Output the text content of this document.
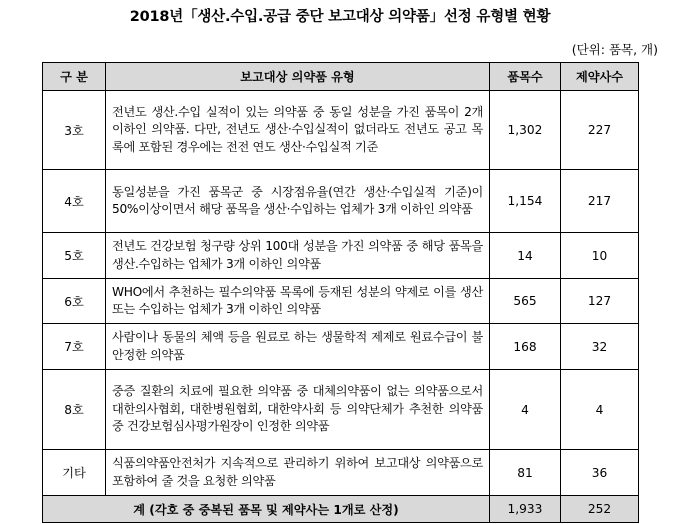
2018년「생산.수입.공급 중단 보고대상 의약품」선정 유형별 현황
(단위: 품목, 개)
구 분	보고대상 의약품 유형	품목수	제약사수
3호	전년도 생산.수입 실적이 있는 의약품 중 동일 성분을 가진 품목이 2개 이하인 의약품. 다만, 전년도 생산·수입실적이 없더라도 전년도 공고 목록에 포함된 경우에는 전전 연도 생산·수입실적 기준	1,302	227
4호	동일성분을 가진 품목군 중 시장점유율(연간 생산·수입실적 기준)이 50%이상이면서 해당 품목을 생산·수입하는 업체가 3개 이하인 의약품	1,154	217
5호	전년도 건강보험 청구량 상위 100대 성분을 가진 의약품 중 해당 품목을 생산.수입하는 업체가 3개 이하인 의약품	14	10
6호	WHO에서 추천하는 필수의약품 목록에 등재된 성분의 약제로 이를 생산 또는 수입하는 업체가 3개 이하인 의약품	565	127
7호	사람이나 동물의 체액 등을 원료로 하는 생물학적 제제로 원료수급이 불안정한 의약품	168	32
8호	중증 질환의 치료에 필요한 의약품 중 대체의약품이 없는 의약품으로서 대한의사협회, 대한병원협회, 대한약사회 등 의약단체가 추천한 의약품 중 건강보험심사평가원장이 인정한 의약품	4	4
기타	식품의약품안전처가 지속적으로 관리하기 위하여 보고대상 의약품으로 포함하여 줄 것을 요청한 의약품	81	36
계 (각호 중 중복된 품목 및 제약사는 1개로 산정)		1,933	252
